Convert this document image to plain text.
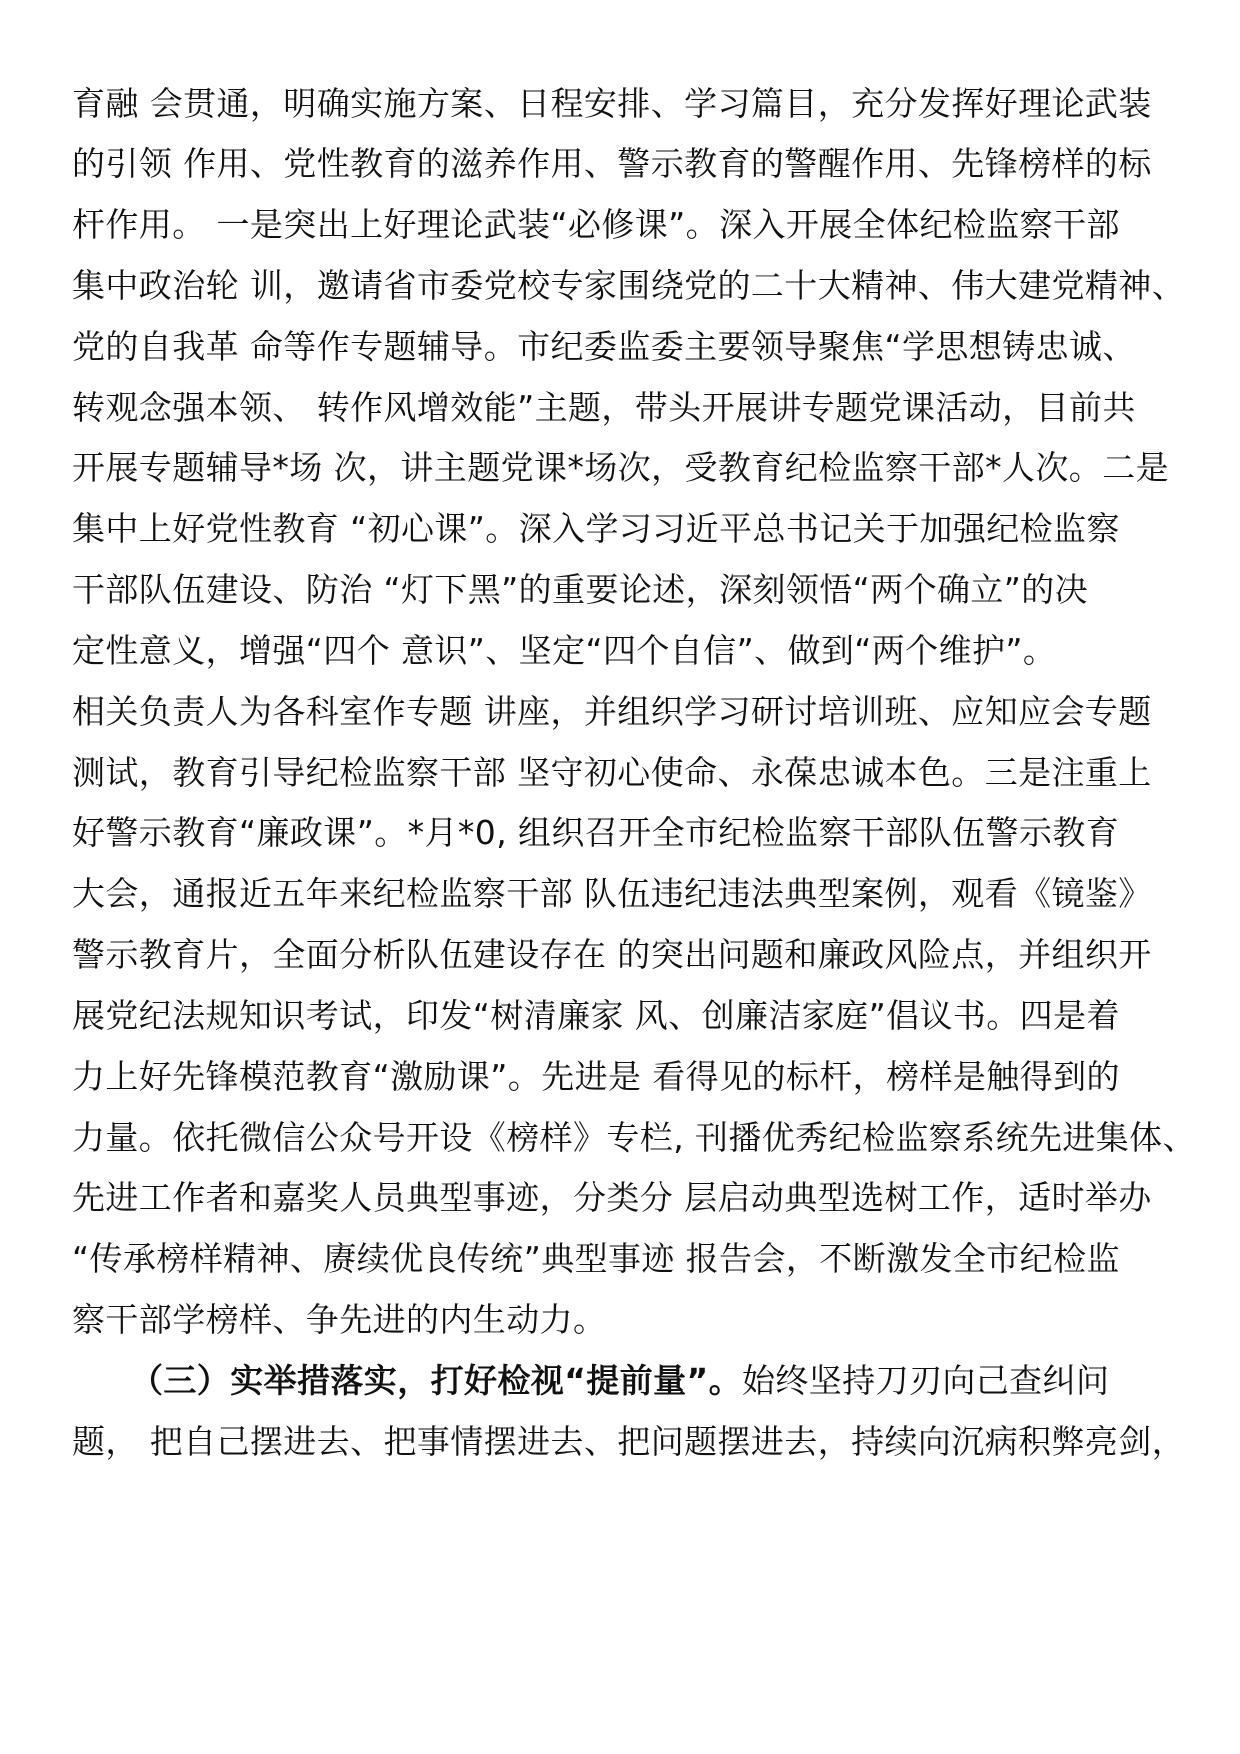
育融 会贯通，明确实施方案、日程安排、学习篇目，充分发挥好理论武装
的引领 作用、党性教育的滋养作用、警示教育的警醒作用、先锋榜样的标
杆作用。 一是突出上好理论武装“必修课”。深入开展全体纪检监察干部
集中政治轮 训，邀请省市委党校专家围绕党的二十大精神、伟大建党精神、
党的自我革 命等作专题辅导。市纪委监委主要领导聚焦“学思想铸忠诚、
转观念强本领、 转作风增效能”主题，带头开展讲专题党课活动，目前共
开展专题辅导*场 次，讲主题党课*场次，受教育纪检监察干部*人次。二是
集中上好党性教育 “初心课”。深入学习习近平总书记关于加强纪检监察
干部队伍建设、防治 “灯下黑”的重要论述，深刻领悟“两个确立”的决
定性意义，增强“四个 意识”、坚定“四个自信”、做到“两个维护”。
相关负责人为各科室作专题 讲座，并组织学习研讨培训班、应知应会专题
测试，教育引导纪检监察干部 坚守初心使命、永葆忠诚本色。三是注重上
好警示教育“廉政课”。*月*0, 组织召开全市纪检监察干部队伍警示教育
大会，通报近五年来纪检监察干部 队伍违纪违法典型案例，观看《镜鉴》
警示教育片，全面分析队伍建设存在 的突出问题和廉政风险点，并组织开
展党纪法规知识考试，印发“树清廉家 风、创廉洁家庭”倡议书。四是着
力上好先锋模范教育“激励课”。先进是 看得见的标杆，榜样是触得到的
力量。依托微信公众号开设《榜样》专栏, 刊播优秀纪检监察系统先进集体、
先进工作者和嘉奖人员典型事迹，分类分 层启动典型选树工作，适时举办
“传承榜样精神、赓续优良传统”典型事迹 报告会，不断激发全市纪检监
察干部学榜样、争先进的内生动力。
（三）实举措落实，打好检视“提前量”。始终坚持刀刃向己查纠问
题， 把自己摆进去、把事情摆进去、把问题摆进去，持续向沉病积弊亮剑，
